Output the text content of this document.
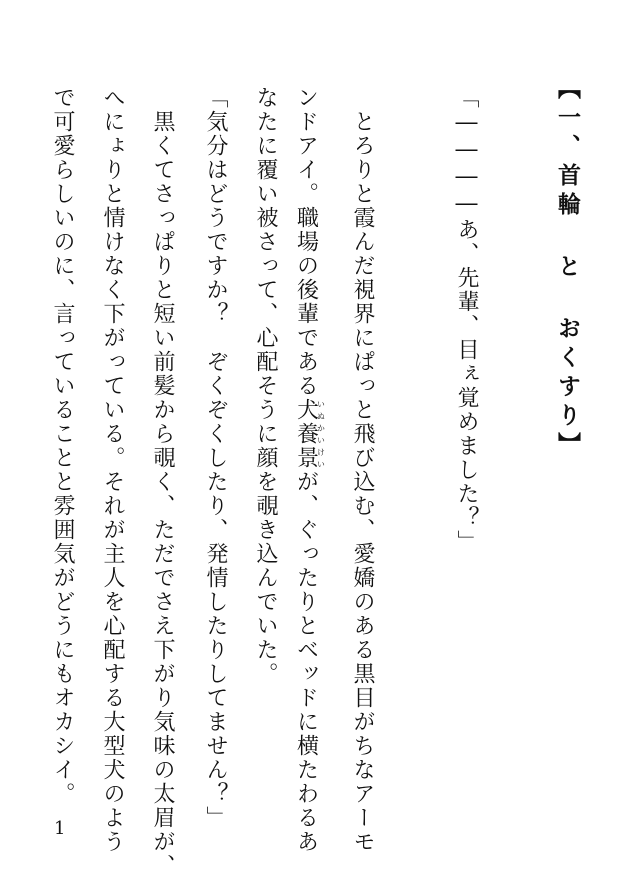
【一、首輪 と おくすり】
「――――あ、先輩、目ぇ覚めました？」
　とろりと霞んだ視界にぱっと飛び込む、愛嬌のある黒目がちなアーモ
ンドアイ。職場の後輩である犬養景いぬかいけいが、ぐったりとベッドに横たわるあ
なたに覆い被さって、心配そうに顔を覗き込んでいた。
「気分はどうですか？　ぞくぞくしたり、発情したりしてません？」
　黒くてさっぱりと短い前髪から覗く、ただでさえ下がり気味の太眉が、
へにょりと情けなく下がっている。それが主人を心配する大型犬のよう
で可愛らしいのに、言っていることと雰囲気がどうにもオカシイ。
1
